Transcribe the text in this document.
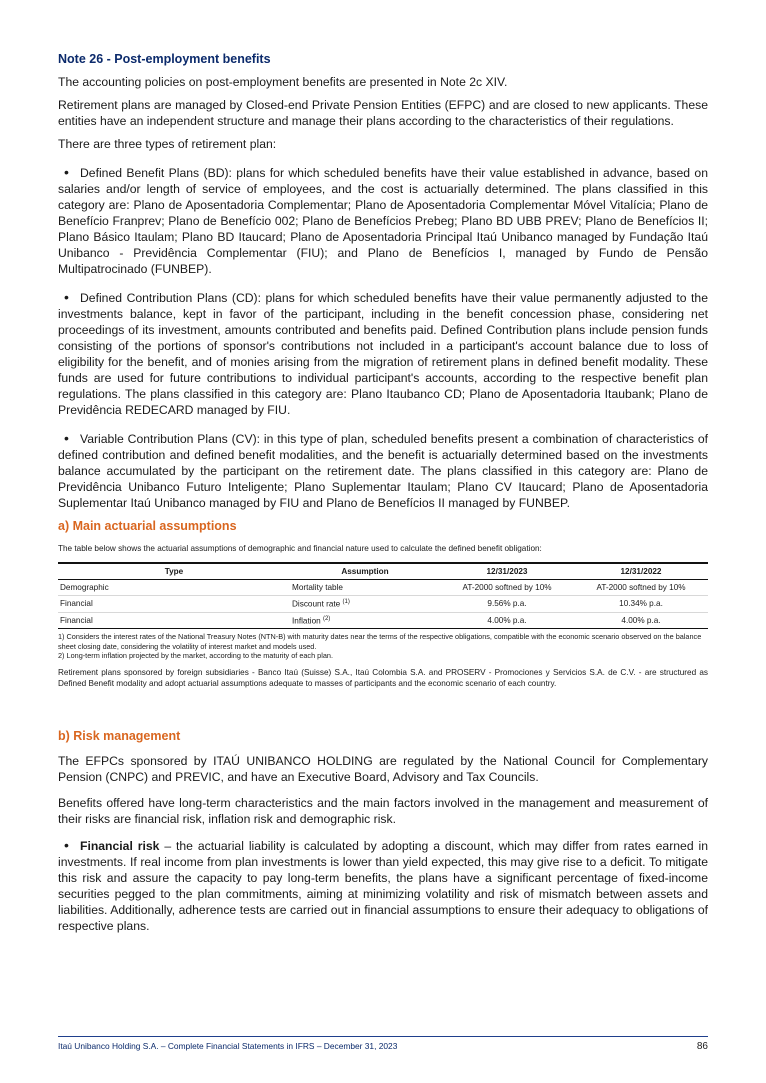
Note 26 - Post-employment benefits

The accounting policies on post-employment benefits are presented in Note 2c XIV.

Retirement plans are managed by Closed-end Private Pension Entities (EFPC) and are closed to new applicants. These entities have an independent structure and manage their plans according to the characteristics of their regulations.

There are three types of retirement plan:

• Defined Benefit Plans (BD): plans for which scheduled benefits have their value established in advance, based on salaries and/or length of service of employees, and the cost is actuarially determined. The plans classified in this category are: Plano de Aposentadoria Complementar; Plano de Aposentadoria Complementar Móvel Vitalícia; Plano de Benefício Franprev; Plano de Benefício 002; Plano de Benefícios Prebeg; Plano BD UBB PREV; Plano de Benefícios II; Plano Básico Itaulam; Plano BD Itaucard; Plano de Aposentadoria Principal Itaú Unibanco managed by Fundação Itaú Unibanco - Previdência Complementar (FIU); and Plano de Benefícios I, managed by Fundo de Pensão Multipatrocinado (FUNBEP).
• Defined Contribution Plans (CD): plans for which scheduled benefits have their value permanently adjusted to the investments balance, kept in favor of the participant, including in the benefit concession phase, considering net proceedings of its investment, amounts contributed and benefits paid. Defined Contribution plans include pension funds consisting of the portions of sponsor's contributions not included in a participant's account balance due to loss of eligibility for the benefit, and of monies arising from the migration of retirement plans in defined benefit modality. These funds are used for future contributions to individual participant's accounts, according to the respective benefit plan regulations. The plans classified in this category are: Plano Itaubanco CD; Plano de Aposentadoria Itaubank; Plano de Previdência REDECARD managed by FIU.
• Variable Contribution Plans (CV): in this type of plan, scheduled benefits present a combination of characteristics of defined contribution and defined benefit modalities, and the benefit is actuarially determined based on the investments balance accumulated by the participant on the retirement date. The plans classified in this category are: Plano de Previdência Unibanco Futuro Inteligente; Plano Suplementar Itaulam; Plano CV Itaucard; Plano de Aposentadoria Suplementar Itaú Unibanco managed by FIU and Plano de Benefícios II managed by FUNBEP.
a) Main actuarial assumptions
The table below shows the actuarial assumptions of demographic and financial nature used to calculate the defined benefit obligation:
Type	Assumption	12/31/2023	12/31/2022
Demographic	Mortality table	AT-2000 softned by 10%	AT-2000 softned by 10%
Financial	Discount rate $^{(1)}$	9.56% p.a.	10.34% p.a.
Financial	Inflation $^{(2)}$	4.00% p.a.	4.00% p.a.
1) Considers the interest rates of the National Treasury Notes (NTN-B) with maturity dates near the terms of the respective obligations, compatible with the economic scenario observed on the balance sheet closing date, considering the volatility of interest market and models used.
2) Long-term inflation projected by the market, according to the maturity of each plan.
Retirement plans sponsored by foreign subsidiaries - Banco Itaú (Suisse) S.A., Itaú Colombia S.A. and PROSERV - Promociones y Servicios S.A. de C.V. - are structured as Defined Benefit modality and adopt actuarial assumptions adequate to masses of participants and the economic scenario of each country.
b) Risk management

The EFPCs sponsored by ITAÚ UNIBANCO HOLDING are regulated by the National Council for Complementary Pension (CNPC) and PREVIC, and have an Executive Board, Advisory and Tax Councils.

Benefits offered have long-term characteristics and the main factors involved in the management and measurement of their risks are financial risk, inflation risk and demographic risk.

• Financial risk – the actuarial liability is calculated by adopting a discount, which may differ from rates earned in investments. If real income from plan investments is lower than yield expected, this may give rise to a deficit. To mitigate this risk and assure the capacity to pay long-term benefits, the plans have a significant percentage of fixed-income securities pegged to the plan commitments, aiming at minimizing volatility and risk of mismatch between assets and liabilities. Additionally, adherence tests are carried out in financial assumptions to ensure their adequacy to obligations of respective plans.
Itaú Unibanco Holding S.A. – Complete Financial Statements in IFRS – December 31, 2023	86
